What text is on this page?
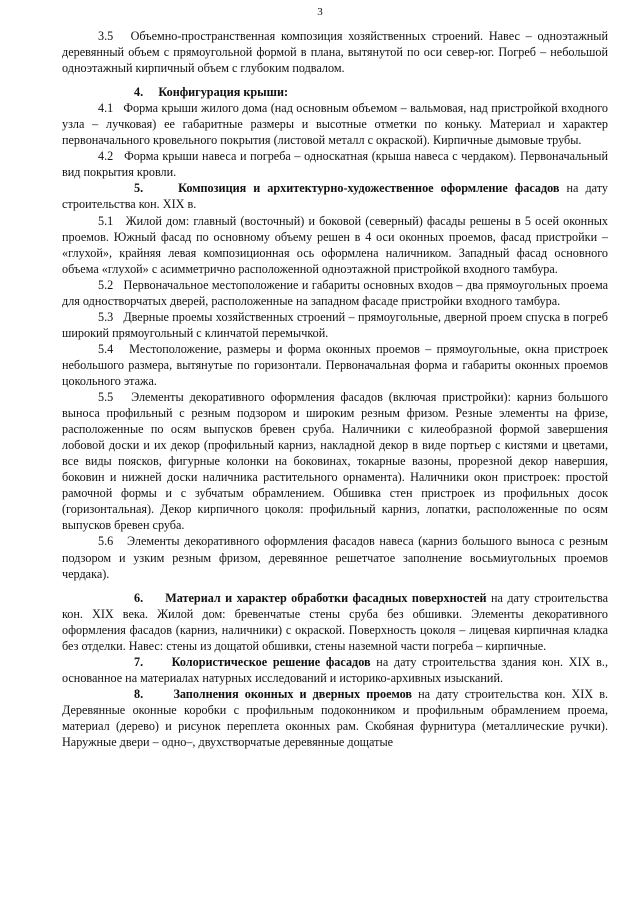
3

3.5 Объемно-пространственная композиция хозяйственных строений. Навес – одноэтажный деревянный объем с прямоугольной формой в плана, вытянутой по оси север-юг. Погреб – небольшой одноэтажный кирпичный объем с глубоким подвалом.

4. Конфигурация крыши:

4.1 Форма крыши жилого дома (над основным объемом – вальмовая, над пристройкой входного узла – лучковая) ее габаритные размеры и высотные отметки по коньку. Материал и характер первоначального кровельного покрытия (листовой металл с окраской). Кирпичные дымовые трубы.

4.2 Форма крыши навеса и погреба – односкатная (крыша навеса с чердаком). Первоначальный вид покрытия кровли.

5.	Композиция и архитектурно-художественное оформление фасадов на дату строительства кон. XIX в.

5.1 Жилой дом: главный (восточный) и боковой (северный) фасады решены в 5 осей оконных проемов. Южный фасад по основному объему решен в 4 оси оконных проемов, фасад пристройки – «глухой», крайняя левая композиционная ось оформлена наличником. Западный фасад основного объема «глухой» с асимметрично расположенной одноэтажной пристройкой входного тамбура.

5.2 Первоначальное местоположение и габариты основных входов – два прямоугольных проема для одностворчатых дверей, расположенные на западном фасаде пристройки входного тамбура.

5.3 Дверные проемы хозяйственных строений – прямоугольные, дверной проем спуска в погреб широкий прямоугольный с клинчатой перемычкой.

5.4 Местоположение, размеры и форма оконных проемов – прямоугольные, окна пристроек небольшого размера, вытянутые по горизонтали. Первоначальная форма и габариты оконных проемов цокольного этажа.

5.5 Элементы декоративного оформления фасадов (включая пристройки): карниз большого выноса профильный с резным подзором и широким резным фризом. Резные элементы на фризе, расположенные по осям выпусков бревен сруба. Наличники с килеобразной формой завершения лобовой доски и их декор (профильный карниз, накладной декор в виде портьер с кистями и цветами, все виды поясков, фигурные колонки на боковинах, токарные вазоны, прорезной декор навершия, боковин и нижней доски наличника растительного орнамента). Наличники окон пристроек: простой рамочной формы и с зубчатым обрамлением. Обшивка стен пристроек из профильных досок (горизонтальная). Декор кирпичного цоколя: профильный карниз, лопатки, расположенные по осям выпусков бревен сруба.

5.6 Элементы декоративного оформления фасадов навеса (карниз большого выноса с резным подзором и узким резным фризом, деревянное решетчатое заполнение восьмиугольных проемов чердака).

6. Материал и характер обработки фасадных поверхностей на дату строительства кон. XIX века. Жилой дом: бревенчатые стены сруба без обшивки. Элементы декоративного оформления фасадов (карниз, наличники) с окраской. Поверхность цоколя – лицевая кирпичная кладка без отделки. Навес: стены из дощатой обшивки, стены наземной части погреба – кирпичные.

7. Колористическое решение фасадов на дату строительства здания кон. XIX в., основанное на материалах натурных исследований и историко-архивных изысканий.

8. Заполнения оконных и дверных проемов на дату строительства кон. XIX в. Деревянные оконные коробки с профильным подоконником и профильным обрамлением проема, материал (дерево) и рисунок переплета оконных рам. Скобяная фурнитура (металлические ручки). Наружные двери – одно–, двухстворчатые деревянные дощатые
